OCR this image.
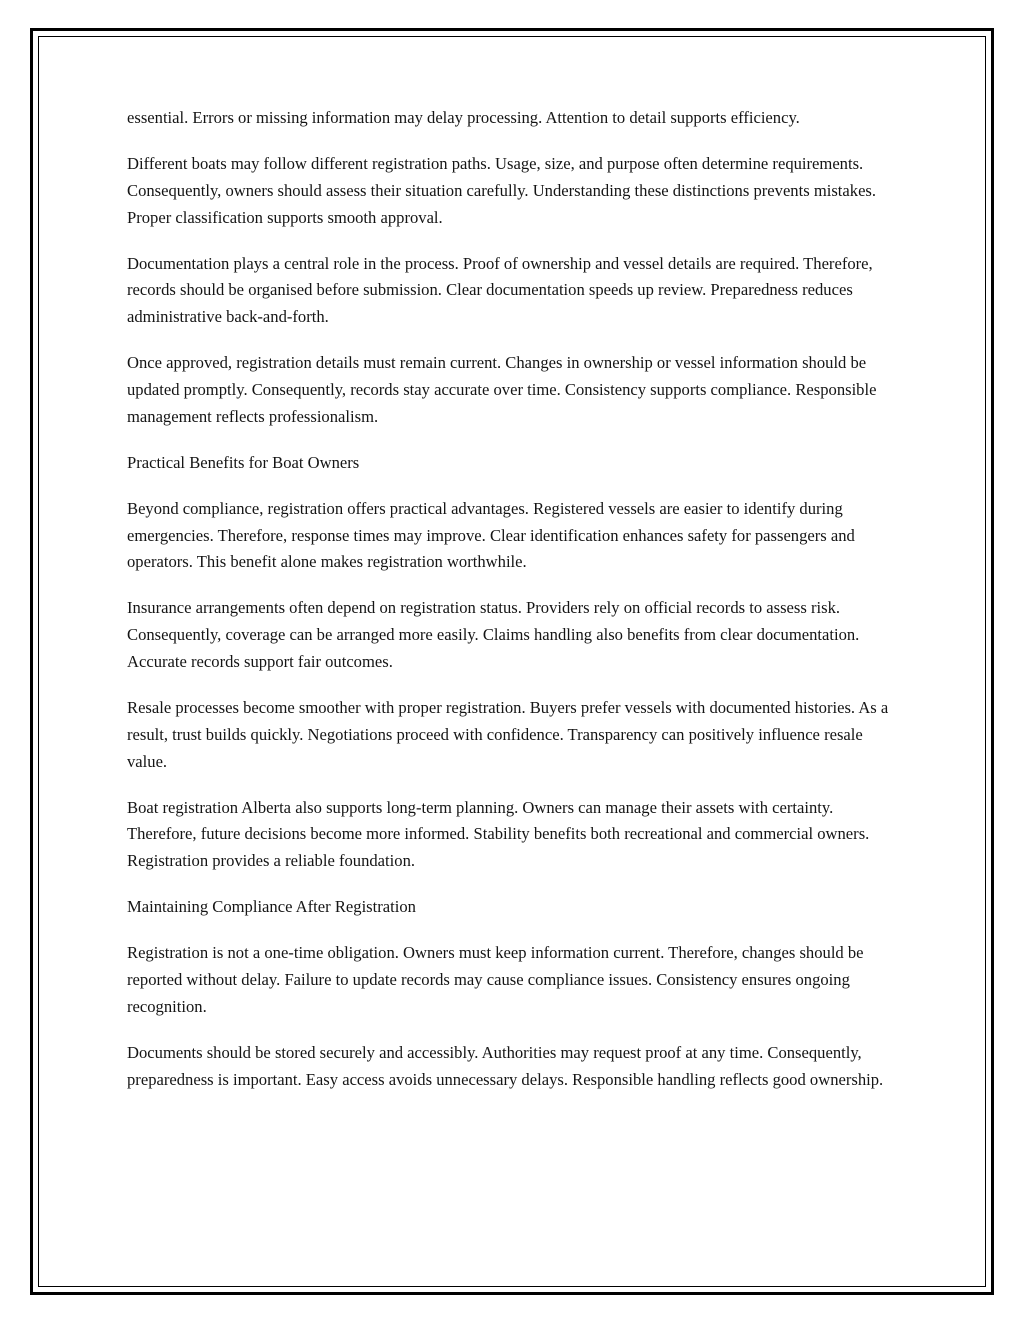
essential. Errors or missing information may delay processing. Attention to detail supports efficiency.

Different boats may follow different registration paths. Usage, size, and purpose often determine requirements. Consequently, owners should assess their situation carefully. Understanding these distinctions prevents mistakes. Proper classification supports smooth approval.

Documentation plays a central role in the process. Proof of ownership and vessel details are required. Therefore, records should be organised before submission. Clear documentation speeds up review. Preparedness reduces administrative back-and-forth.

Once approved, registration details must remain current. Changes in ownership or vessel information should be updated promptly. Consequently, records stay accurate over time. Consistency supports compliance. Responsible management reflects professionalism.

Practical Benefits for Boat Owners

Beyond compliance, registration offers practical advantages. Registered vessels are easier to identify during emergencies. Therefore, response times may improve. Clear identification enhances safety for passengers and operators. This benefit alone makes registration worthwhile.

Insurance arrangements often depend on registration status. Providers rely on official records to assess risk. Consequently, coverage can be arranged more easily. Claims handling also benefits from clear documentation. Accurate records support fair outcomes.

Resale processes become smoother with proper registration. Buyers prefer vessels with documented histories. As a result, trust builds quickly. Negotiations proceed with confidence. Transparency can positively influence resale value.

Boat registration Alberta also supports long-term planning. Owners can manage their assets with certainty. Therefore, future decisions become more informed. Stability benefits both recreational and commercial owners. Registration provides a reliable foundation.

Maintaining Compliance After Registration

Registration is not a one-time obligation. Owners must keep information current. Therefore, changes should be reported without delay. Failure to update records may cause compliance issues. Consistency ensures ongoing recognition.

Documents should be stored securely and accessibly. Authorities may request proof at any time. Consequently, preparedness is important. Easy access avoids unnecessary delays. Responsible handling reflects good ownership.
